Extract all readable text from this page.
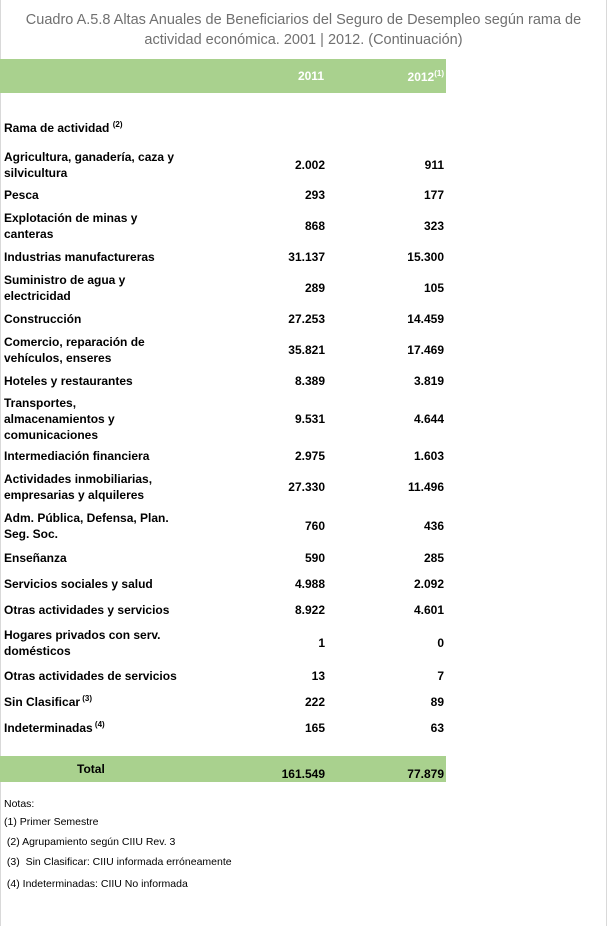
Cuadro A.5.8 Altas Anuales de Beneficiarios del Seguro de Desempleo según rama de
actividad económica. 2001 | 2012. (Continuación)
2011	2012$^{(1)}$
Rama de actividad $^{(2)}$
Agricultura, ganadería, caza y
silvicultura
2.002	911
Pesca	293	177
Explotación de minas y
canteras
868	323
Industrias manufactureras	31.137	15.300
Suministro de agua y
electricidad
289	105
Construcción	27.253	14.459
Comercio, reparación de
vehículos, enseres
35.821	17.469
Hoteles y restaurantes	8.389	3.819
Transportes,
almacenamientos y
comunicaciones
9.531	4.644
Intermediación financiera	2.975	1.603
Actividades inmobiliarias,
empresarias y alquileres
27.330	11.496
Adm. Pública, Defensa, Plan.
Seg. Soc.
760	436
Enseñanza	590	285
Servicios sociales y salud	4.988	2.092
Otras actividades y servicios	8.922	4.601
Hogares privados con serv.
domésticos
1	0
Otras actividades de servicios	13	7
Sin Clasificar $^{(3)}$	222	89
Indeterminadas $^{(4)}$	165	63
Total	161.549	77.879
Notas:
(1) Primer Semestre
(2) Agrupamiento según CIIU Rev. 3
(3)  Sin Clasificar: CIIU informada erróneamente
(4) Indeterminadas: CIIU No informada
